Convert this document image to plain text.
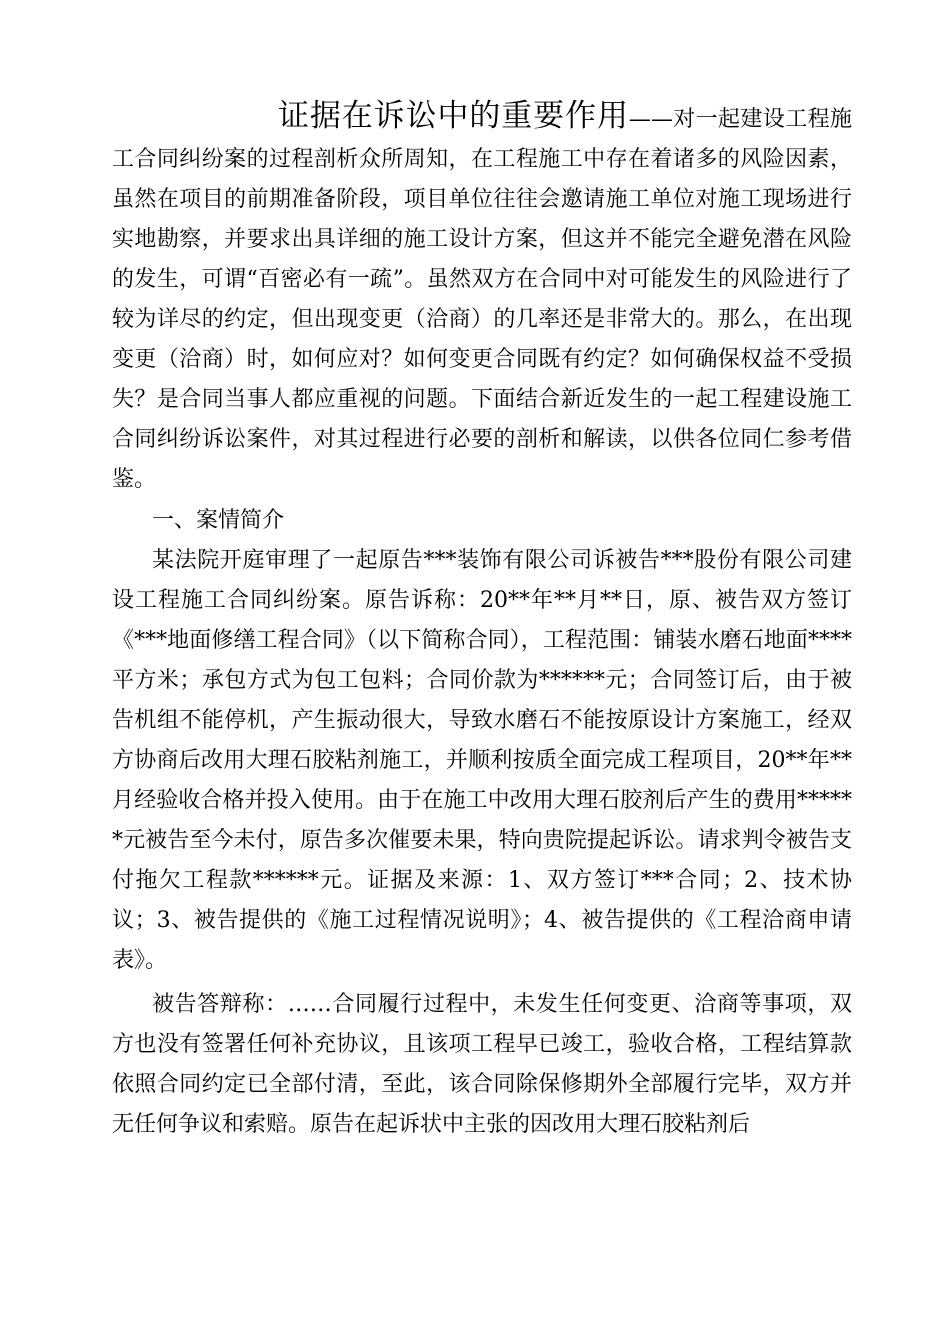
证据在诉讼中的重要作用——对一起建设工程施工合同纠纷案的过程剖析众所周知，在工程施工中存在着诸多的风险因素，虽然在项目的前期准备阶段，项目单位往往会邀请施工单位对施工现场进行实地勘察，并要求出具详细的施工设计方案，但这并不能完全避免潜在风险的发生，可谓“百密必有一疏”。虽然双方在合同中对可能发生的风险进行了较为详尽的约定，但出现变更（洽商）的几率还是非常大的。那么，在出现变更（洽商）时，如何应对？如何变更合同既有约定？如何确保权益不受损失？是合同当事人都应重视的问题。下面结合新近发生的一起工程建设施工合同纠纷诉讼案件，对其过程进行必要的剖析和解读，以供各位同仁参考借鉴。

一、案情简介

某法院开庭审理了一起原告***装饰有限公司诉被告***股份有限公司建设工程施工合同纠纷案。原告诉称：20**年**月**日，原、被告双方签订《***地面修缮工程合同》（以下简称合同），工程范围：铺装水磨石地面****平方米；承包方式为包工包料；合同价款为******元；合同签订后，由于被告机组不能停机，产生振动很大，导致水磨石不能按原设计方案施工，经双方协商后改用大理石胶粘剂施工，并顺利按质全面完成工程项目，20**年**月经验收合格并投入使用。由于在施工中改用大理石胶剂后产生的费用******元被告至今未付，原告多次催要未果，特向贵院提起诉讼。请求判令被告支付拖欠工程款******元。证据及来源：1、双方签订***合同；2、技术协议；3、被告提供的《施工过程情况说明》；4、被告提供的《工程洽商申请表》。

被告答辩称：……合同履行过程中，未发生任何变更、洽商等事项，双方也没有签署任何补充协议，且该项工程早已竣工，验收合格，工程结算款依照合同约定已全部付清，至此，该合同除保修期外全部履行完毕，双方并无任何争议和索赔。原告在起诉状中主张的因改用大理石胶粘剂后
